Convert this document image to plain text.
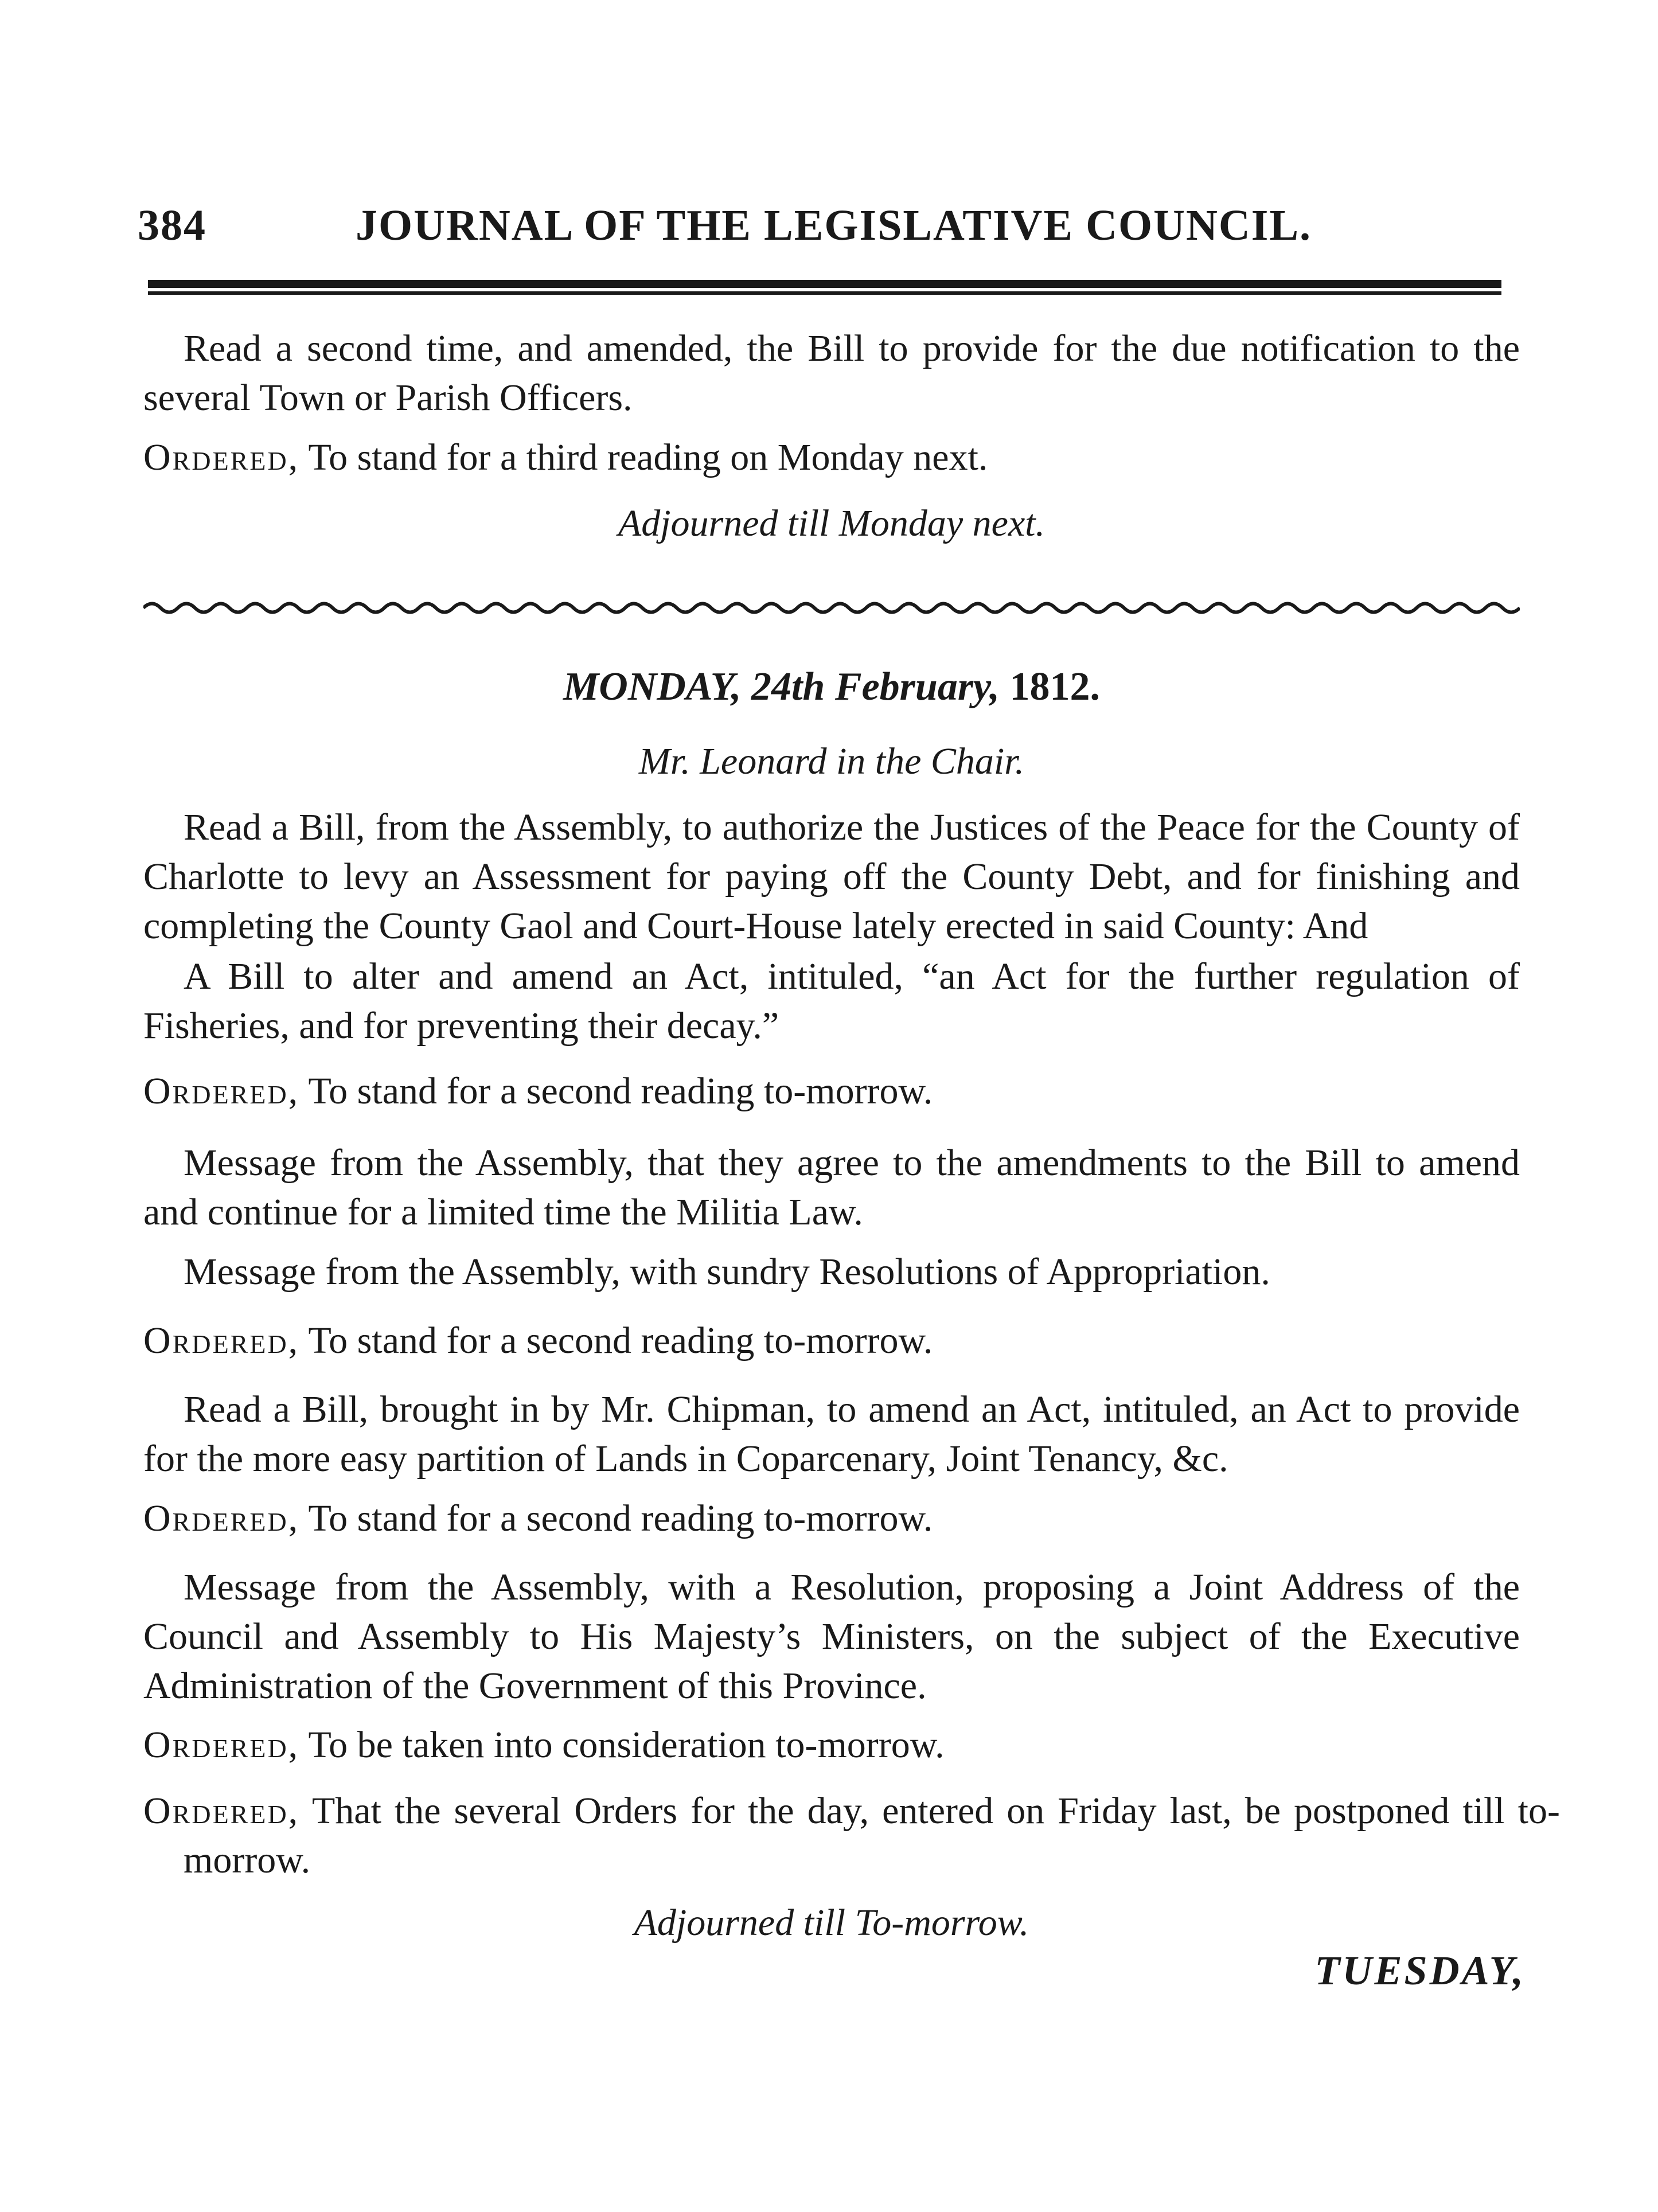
384	JOURNAL OF THE LEGISLATIVE COUNCIL.
Read a second time, and amended, the Bill to provide for the due notification to the several Town or Parish Officers.
Ordered, To stand for a third reading on Monday next.
Adjourned till Monday next.
MONDAY, 24th February, 1812.
Mr. Leonard in the Chair.
Read a Bill, from the Assembly, to authorize the Justices of the Peace for the County of Charlotte to levy an Assessment for paying off the County Debt, and for finishing and completing the County Gaol and Court-House lately erected in said County: And
A Bill to alter and amend an Act, intituled, “an Act for the further regulation of Fisheries, and for preventing their decay.”
Ordered, To stand for a second reading to-morrow.
Message from the Assembly, that they agree to the amendments to the Bill to amend and continue for a limited time the Militia Law.
Message from the Assembly, with sundry Resolutions of Appropriation.
Ordered, To stand for a second reading to-morrow.
Read a Bill, brought in by Mr. Chipman, to amend an Act, intituled, an Act to provide for the more easy partition of Lands in Coparcenary, Joint Tenancy, &c.
Ordered, To stand for a second reading to-morrow.
Message from the Assembly, with a Resolution, proposing a Joint Address of the Council and Assembly to His Majesty’s Ministers, on the subject of the Executive Administration of the Government of this Province.
Ordered, To be taken into consideration to-morrow.
Ordered, That the several Orders for the day, entered on Friday last, be postponed till to-morrow.
Adjourned till To-morrow.
TUESDAY,
